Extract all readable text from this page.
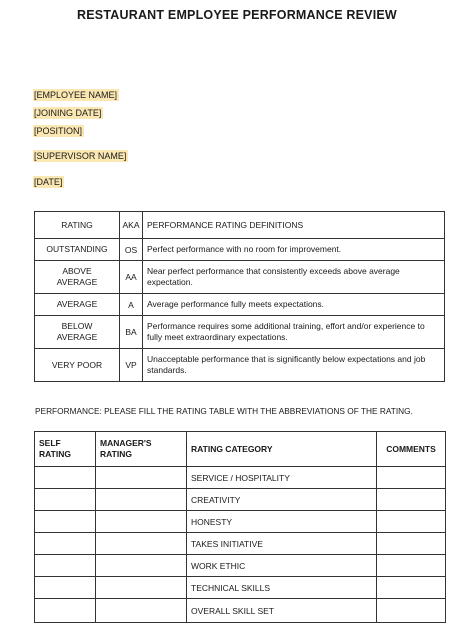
RESTAURANT EMPLOYEE PERFORMANCE REVIEW
[EMPLOYEE NAME]
[JOINING DATE]
[POSITION]
[SUPERVISOR NAME]
[DATE]
RATING	AKA	PERFORMANCE RATING DEFINITIONS
OUTSTANDING	OS	Perfect performance with no room for improvement.
ABOVE
AVERAGE	AA	Near perfect performance that consistently exceeds above average expectation.
AVERAGE	A	Average performance fully meets expectations.
BELOW
AVERAGE	BA	Performance requires some additional training, effort and/or experience to fully meet extraordinary expectations.
VERY POOR	VP	Unacceptable performance that is significantly below expectations and job standards.
PERFORMANCE: PLEASE FILL THE RATING TABLE WITH THE ABBREVIATIONS OF THE RATING.
SELF
RATING	MANAGER'S
RATING	RATING CATEGORY	COMMENTS
		SERVICE / HOSPITALITY	
		CREATIVITY	
		HONESTY	
		TAKES INITIATIVE	
		WORK ETHIC	
		TECHNICAL SKILLS	
		OVERALL SKILL SET	
